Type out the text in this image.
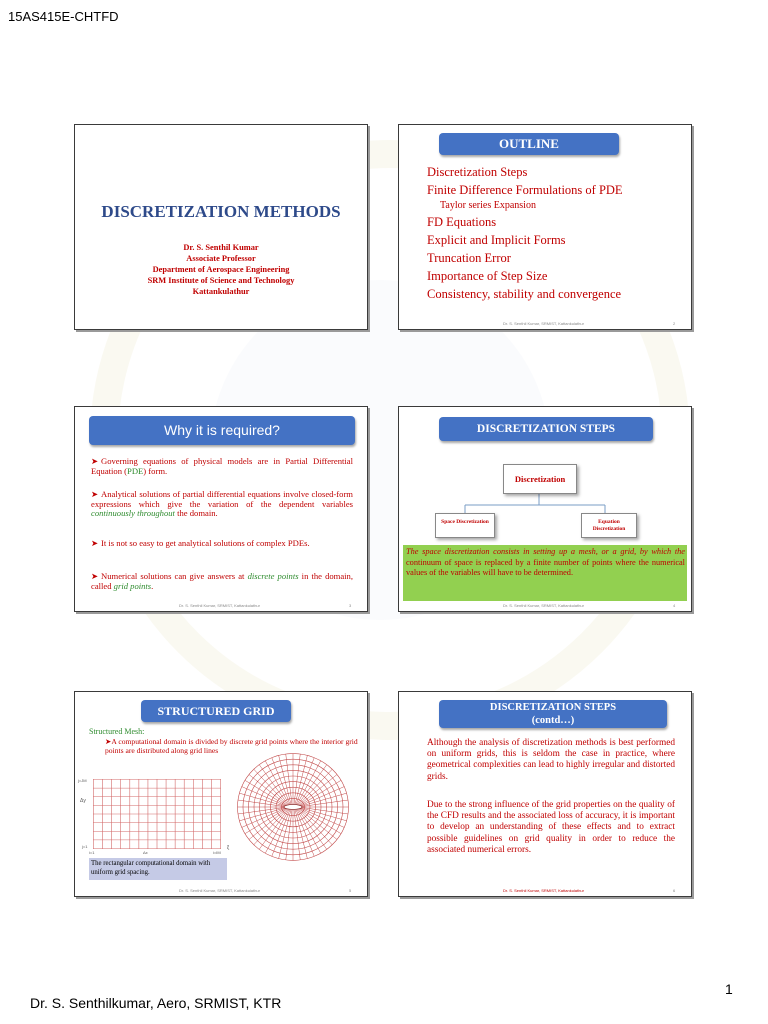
15AS415E-CHTFD
DISCRETIZATION METHODS
Dr. S. Senthil Kumar
Associate Professor
Department of Aerospace Engineering
SRM Institute of Science and Technology
Kattankulathur
OUTLINE
Discretization Steps
Finite Difference Formulations of PDE
Taylor series Expansion
FD Equations
Explicit and Implicit Forms
Truncation Error
Importance of Step Size
Consistency, stability and convergence
Dr. S. Senthil Kumar, SRMIST, Kattankulathur	2
Why it is required?
➤ Governing equations of physical models are in Partial Differential Equation (PDE) form.
➤ Analytical solutions of partial differential equations involve closed-form expressions which give the variation of the dependent variables continuously throughout the domain.
➤ It is not so easy to get analytical solutions of complex PDEs.
➤ Numerical solutions can give answers at discrete points in the domain, called grid points.
Dr. S. Senthil Kumar, SRMIST, Kattankulathur	3
DISCRETIZATION STEPS
Discretization
Space Discretization	Equation Discretization
The space discretization consists in setting up a mesh, or a grid, by which the continuum of space is replaced by a finite number of points where the numerical values of the variables will have to be determined.
Dr. S. Senthil Kumar, SRMIST, Kattankulathur	4
STRUCTURED GRID
Structured Mesh:
➤A computational domain is divided by discrete grid points where the interior grid points are distributed along grid lines
j=JM
Δy
j=1
i=1	Δx	i=IM
ξ
The rectangular computational domain with uniform grid spacing.
Dr. S. Senthil Kumar, SRMIST, Kattankulathur	5
DISCRETIZATION STEPS
(contd…)
Although the analysis of discretization methods is best performed on uniform grids, this is seldom the case in practice, where geometrical complexities can lead to highly irregular and distorted grids.
Due to the strong influence of the grid properties on the quality of the CFD results and the associated loss of accuracy, it is important to develop an understanding of these effects and to extract possible guidelines on grid quality in order to reduce the associated numerical errors.
Dr. S. Senthil Kumar, SRMIST, Kattankulathur	6
Dr. S. Senthilkumar, Aero, SRMIST, KTR
1
